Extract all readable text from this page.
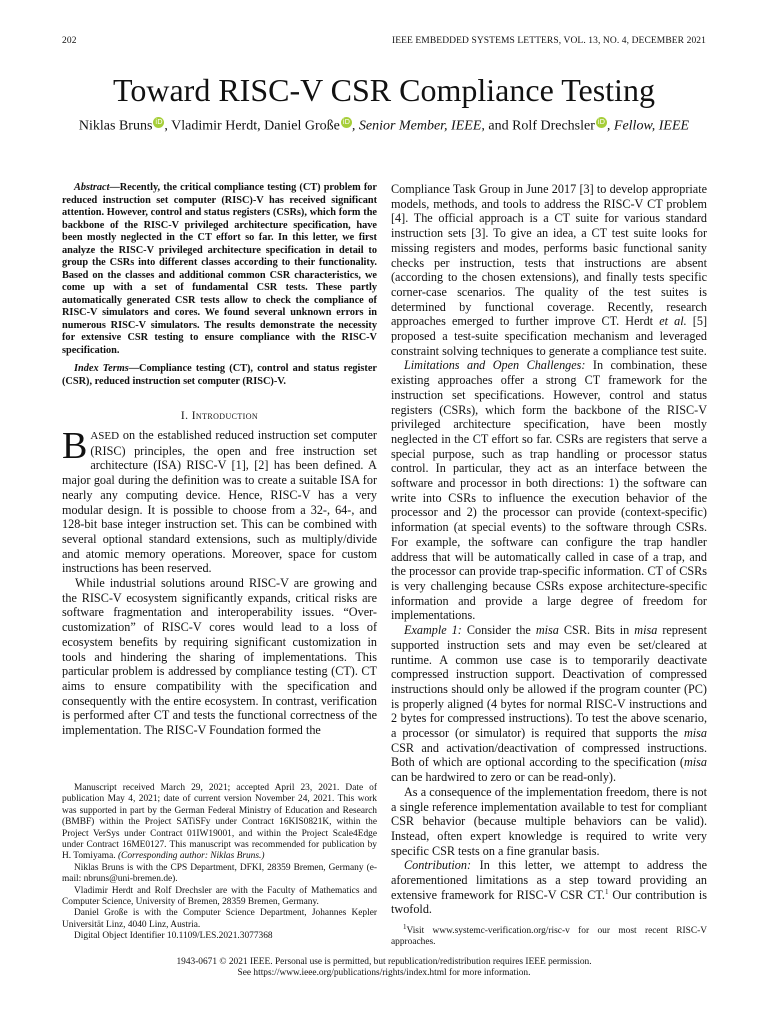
202	IEEE EMBEDDED SYSTEMS LETTERS, VOL. 13, NO. 4, DECEMBER 2021
Toward RISC-V CSR Compliance Testing
Niklas Bruns iD , Vladimir Herdt, Daniel Große iD , Senior Member, IEEE, and Rolf Drechsler iD , Fellow, IEEE
Abstract—Recently, the critical compliance testing (CT) problem for reduced instruction set computer (RISC)-V has received significant attention. However, control and status registers (CSRs), which form the backbone of the RISC-V privileged architecture specification, have been mostly neglected in the CT effort so far. In this letter, we first analyze the RISC-V privileged architecture specification in detail to group the CSRs into different classes according to their functionality. Based on the classes and additional common CSR characteristics, we come up with a set of fundamental CSR tests. These partly automatically generated CSR tests allow to check the compliance of RISC-V simulators and cores. We found several unknown errors in numerous RISC-V simulators. The results demonstrate the necessity for extensive CSR testing to ensure compliance with the RISC-V specification.
Index Terms—Compliance testing (CT), control and status register (CSR), reduced instruction set computer (RISC)-V.
I. Introduction

BASED on the established reduced instruction set computer (RISC) principles, the open and free instruction set architecture (ISA) RISC-V [1], [2] has been defined. A major goal during the definition was to create a suitable ISA for nearly any computing device. Hence, RISC-V has a very modular design. It is possible to choose from a 32-, 64-, and 128-bit base integer instruction set. This can be combined with several optional standard extensions, such as multiply/divide and atomic memory operations. Moreover, space for custom instructions has been reserved.

While industrial solutions around RISC-V are growing and the RISC-V ecosystem significantly expands, critical risks are software fragmentation and interoperability issues. “Over-customization” of RISC-V cores would lead to a loss of ecosystem benefits by requiring significant customization in tools and hindering the sharing of implementations. This particular problem is addressed by compliance testing (CT). CT aims to ensure compatibility with the specification and consequently with the entire ecosystem. In contrast, verification is performed after CT and tests the functional correctness of the implementation. The RISC-V Foundation formed the

Manuscript received March 29, 2021; accepted April 23, 2021. Date of publication May 4, 2021; date of current version November 24, 2021. This work was supported in part by the German Federal Ministry of Education and Research (BMBF) within the Project SATiSFy under Contract 16KIS0821K, within the Project VerSys under Contract 01IW19001, and within the Project Scale4Edge under Contract 16ME0127. This manuscript was recommended for publication by H. Tomiyama. (Corresponding author: Niklas Bruns.)

Niklas Bruns is with the CPS Department, DFKI, 28359 Bremen, Germany (e-mail: nbruns@uni-bremen.de).

Vladimir Herdt and Rolf Drechsler are with the Faculty of Mathematics and Computer Science, University of Bremen, 28359 Bremen, Germany.

Daniel Große is with the Computer Science Department, Johannes Kepler Universität Linz, 4040 Linz, Austria.

Digital Object Identifier 10.1109/LES.2021.3077368

Compliance Task Group in June 2017 [3] to develop appropriate models, methods, and tools to address the RISC-V CT problem [4]. The official approach is a CT suite for various standard instruction sets [3]. To give an idea, a CT test suite looks for missing registers and modes, performs basic functional sanity checks per instruction, tests that instructions are absent (according to the chosen extensions), and finally tests specific corner-case scenarios. The quality of the test suites is determined by functional coverage. Recently, research approaches emerged to further improve CT. Herdt et al. [5] proposed a test-suite specification mechanism and leveraged constraint solving techniques to generate a compliance test suite.

Limitations and Open Challenges: In combination, these existing approaches offer a strong CT framework for the instruction set specifications. However, control and status registers (CSRs), which form the backbone of the RISC-V privileged architecture specification, have been mostly neglected in the CT effort so far. CSRs are registers that serve a special purpose, such as trap handling or processor status control. In particular, they act as an interface between the software and processor in both directions: 1) the software can write into CSRs to influence the execution behavior of the processor and 2) the processor can provide (context-specific) information (at special events) to the software through CSRs. For example, the software can configure the trap handler address that will be automatically called in case of a trap, and the processor can provide trap-specific information. CT of CSRs is very challenging because CSRs expose architecture-specific information and provide a large degree of freedom for implementations.

Example 1: Consider the misa CSR. Bits in misa represent supported instruction sets and may even be set/cleared at runtime. A common use case is to temporarily deactivate compressed instruction support. Deactivation of compressed instructions should only be allowed if the program counter (PC) is properly aligned (4 bytes for normal RISC-V instructions and 2 bytes for compressed instructions). To test the above scenario, a processor (or simulator) is required that supports the misa CSR and activation/deactivation of compressed instructions. Both of which are optional according to the specification (misa can be hardwired to zero or can be read-only).

As a consequence of the implementation freedom, there is not a single reference implementation available to test for compliant CSR behavior (because multiple behaviors can be valid). Instead, often expert knowledge is required to write very specific CSR tests on a fine granular basis.

Contribution: In this letter, we attempt to address the aforementioned limitations as a step toward providing an extensive framework for RISC-V CSR CT.$^1$ Our contribution is twofold.

$^1$Visit www.systemc-verification.org/risc-v for our most recent RISC-V approaches.

1943-0671 © 2021 IEEE. Personal use is permitted, but republication/redistribution requires IEEE permission.
See https://www.ieee.org/publications/rights/index.html for more information.
